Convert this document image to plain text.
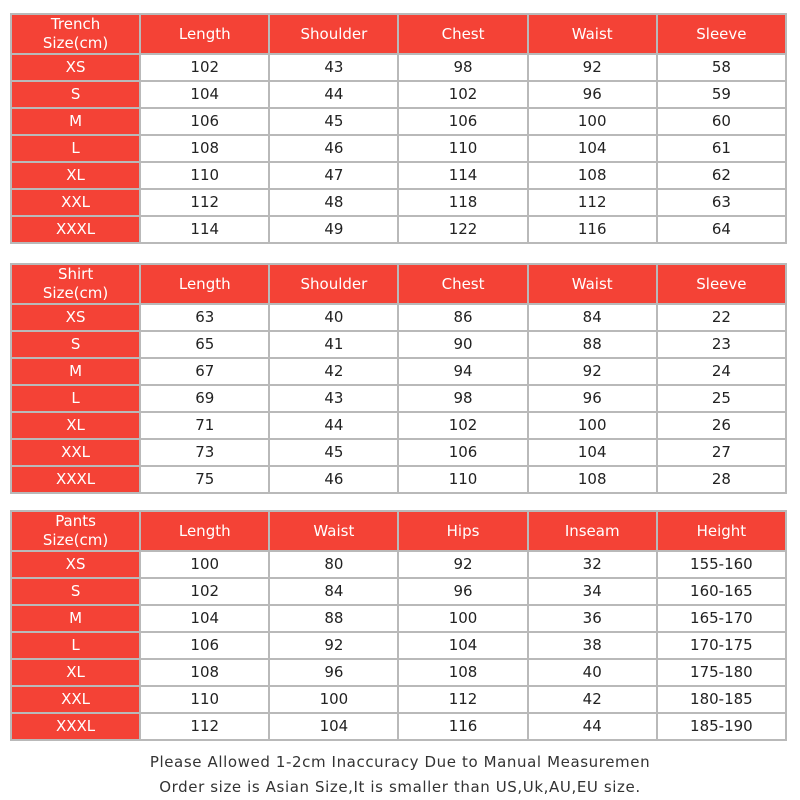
Trench
Size(cm)	Length	Shoulder	Chest	Waist	Sleeve
XS	102	43	98	92	58
S	104	44	102	96	59
M	106	45	106	100	60
L	108	46	110	104	61
XL	110	47	114	108	62
XXL	112	48	118	112	63
XXXL	114	49	122	116	64
Shirt
Size(cm)	Length	Shoulder	Chest	Waist	Sleeve
XS	63	40	86	84	22
S	65	41	90	88	23
M	67	42	94	92	24
L	69	43	98	96	25
XL	71	44	102	100	26
XXL	73	45	106	104	27
XXXL	75	46	110	108	28
Pants
Size(cm)	Length	Waist	Hips	Inseam	Height
XS	100	80	92	32	155-160
S	102	84	96	34	160-165
M	104	88	100	36	165-170
L	106	92	104	38	170-175
XL	108	96	108	40	175-180
XXL	110	100	112	42	180-185
XXXL	112	104	116	44	185-190
Please Allowed 1-2cm Inaccuracy Due to Manual Measuremen
Order size is Asian Size,It is smaller than US,Uk,AU,EU size.
